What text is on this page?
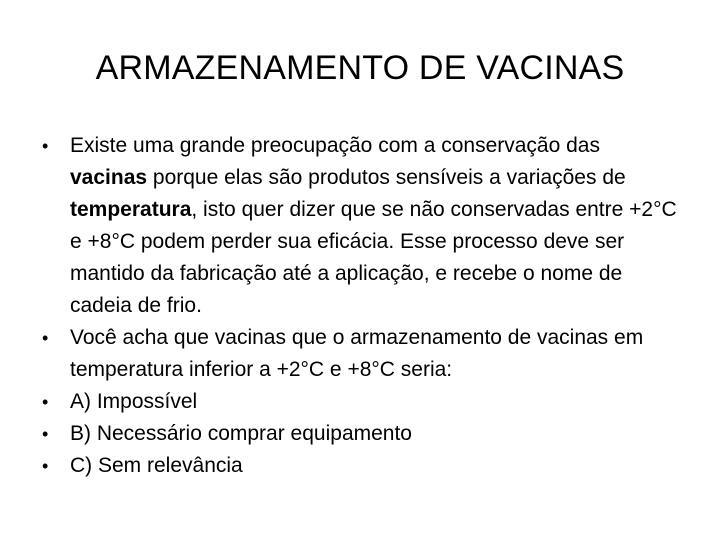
ARMAZENAMENTO DE VACINAS
•	Existe uma grande preocupação com a conservação das vacinas porque elas são produtos sensíveis a variações de temperatura, isto quer dizer que se não conservadas entre +2°C e +8°C podem perder sua eficácia. Esse processo deve ser mantido da fabricação até a aplicação, e recebe o nome de cadeia de frio.
•	Você acha que vacinas que o armazenamento de vacinas em temperatura inferior a +2°C e +8°C seria:
•	A) Impossível
•	B) Necessário comprar equipamento
•	C) Sem relevância
